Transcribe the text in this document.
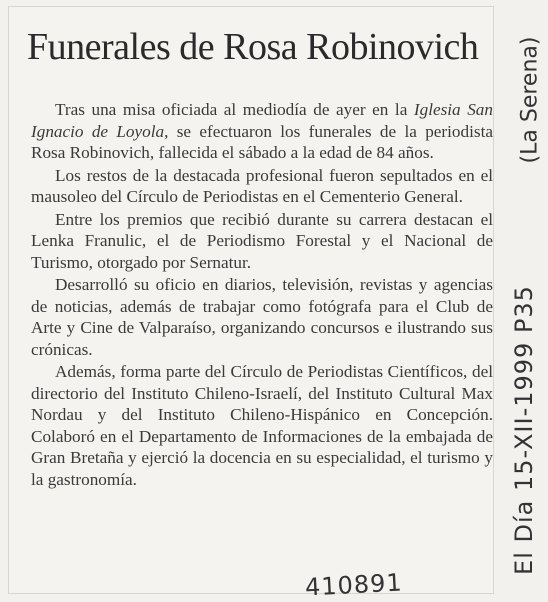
Funerales de Rosa Robinovich

Tras una misa oficiada al mediodía de ayer en la Iglesia San Ignacio de Loyola, se efectuaron los funerales de la periodista Rosa Robinovich, fallecida el sábado a la edad de 84 años.

Los restos de la destacada profesional fueron sepultados en el mausoleo del Círculo de Periodistas en el Cementerio General.

Entre los premios que recibió durante su carrera destacan el Lenka Franulic, el de Periodismo Forestal y el Nacional de Turismo, otorgado por Sernatur.

Desarrolló su oficio en diarios, televisión, revistas y agencias de noticias, además de trabajar como fotógrafa para el Club de Arte y Cine de Valparaíso, organizando concursos e ilustrando sus crónicas.

Además, forma parte del Círculo de Periodistas Científicos, del directorio del Instituto Chileno-Israelí, del Instituto Cultural Max Nordau y del Instituto Chileno-Hispánico en Concepción. Colaboró en el Departamento de Informaciones de la embajada de Gran Bretaña y ejerció la docencia en su especialidad, el turismo y la gastronomía.

410891
(La Serena)
El Día 15-XII-1999 P35
